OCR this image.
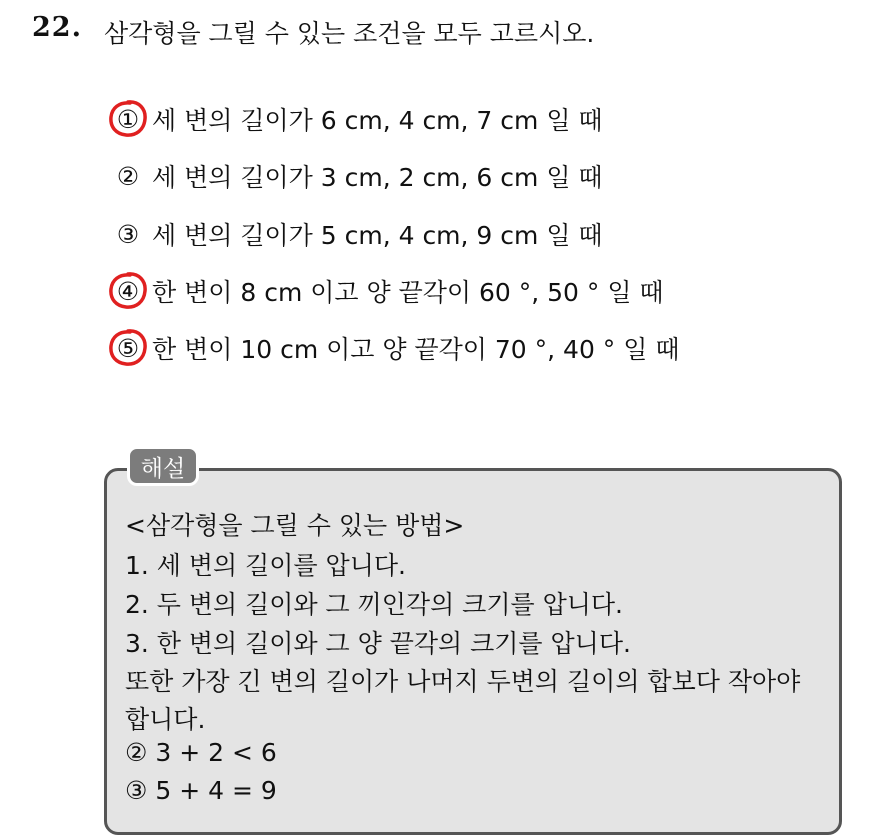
22. 삼각형을 그릴 수 있는 조건을 모두 고르시오.
① 세 변의 길이가 6 cm, 4 cm, 7 cm 일 때
② 세 변의 길이가 3 cm, 2 cm, 6 cm 일 때
③ 세 변의 길이가 5 cm, 4 cm, 9 cm 일 때
④ 한 변이 8 cm 이고 양 끝각이 60 °, 50 ° 일 때
⑤ 한 변이 10 cm 이고 양 끝각이 70 °, 40 ° 일 때
해설
<삼각형을 그릴 수 있는 방법>
1. 세 변의 길이를 압니다.
2. 두 변의 길이와 그 끼인각의 크기를 압니다.
3. 한 변의 길이와 그 양 끝각의 크기를 압니다.
또한 가장 긴 변의 길이가 나머지 두변의 길이의 합보다 작아야
합니다.
② 3 + 2 < 6
③ 5 + 4 = 9
